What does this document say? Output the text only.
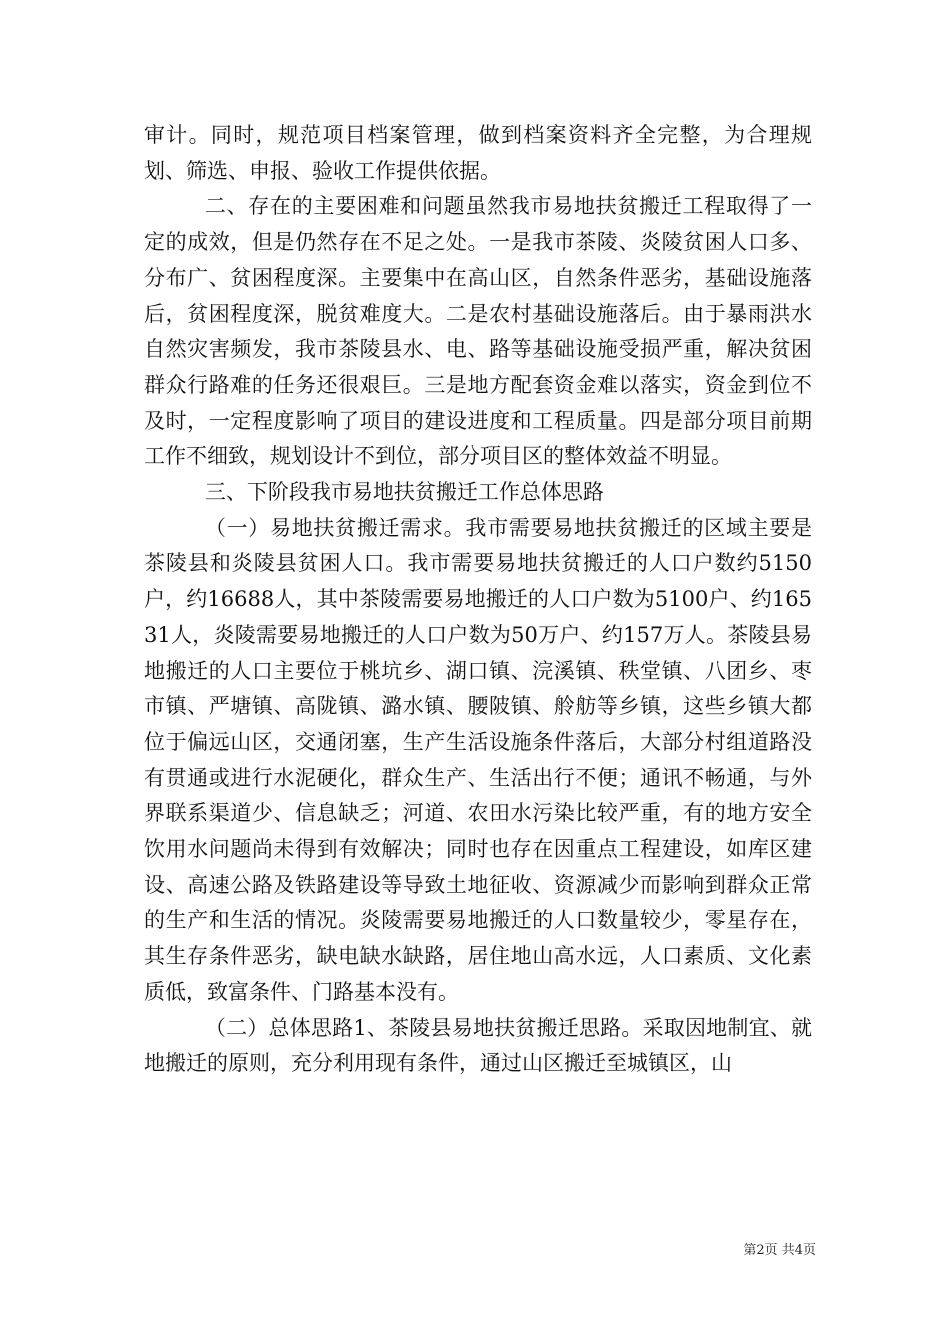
审计。同时，规范项目档案管理，做到档案资料齐全完整，为合理规划、筛选、申报、验收工作提供依据。

二、存在的主要困难和问题虽然我市易地扶贫搬迁工程取得了一定的成效，但是仍然存在不足之处。一是我市茶陵、炎陵贫困人口多、分布广、贫困程度深。主要集中在高山区，自然条件恶劣，基础设施落后，贫困程度深，脱贫难度大。二是农村基础设施落后。由于暴雨洪水自然灾害频发，我市茶陵县水、电、路等基础设施受损严重，解决贫困群众行路难的任务还很艰巨。三是地方配套资金难以落实，资金到位不及时，一定程度影响了项目的建设进度和工程质量。四是部分项目前期工作不细致，规划设计不到位，部分项目区的整体效益不明显。

三、下阶段我市易地扶贫搬迁工作总体思路

（一）易地扶贫搬迁需求。我市需要易地扶贫搬迁的区域主要是茶陵县和炎陵县贫困人口。我市需要易地扶贫搬迁的人口户数约5150户，约16688人，其中茶陵需要易地搬迁的人口户数为5100户、约16531人，炎陵需要易地搬迁的人口户数为50万户、约157万人。茶陵县易地搬迁的人口主要位于桃坑乡、湖口镇、浣溪镇、秩堂镇、八团乡、枣市镇、严塘镇、高陇镇、潞水镇、腰陂镇、舲舫等乡镇，这些乡镇大都位于偏远山区，交通闭塞，生产生活设施条件落后，大部分村组道路没有贯通或进行水泥硬化，群众生产、生活出行不便；通讯不畅通，与外界联系渠道少、信息缺乏；河道、农田水污染比较严重，有的地方安全饮用水问题尚未得到有效解决；同时也存在因重点工程建设，如库区建设、高速公路及铁路建设等导致土地征收、资源减少而影响到群众正常的生产和生活的情况。炎陵需要易地搬迁的人口数量较少，零星存在，其生存条件恶劣，缺电缺水缺路，居住地山高水远，人口素质、文化素质低，致富条件、门路基本没有。

（二）总体思路1、茶陵县易地扶贫搬迁思路。采取因地制宜、就地搬迁的原则，充分利用现有条件，通过山区搬迁至城镇区，山

第2页 共4页
